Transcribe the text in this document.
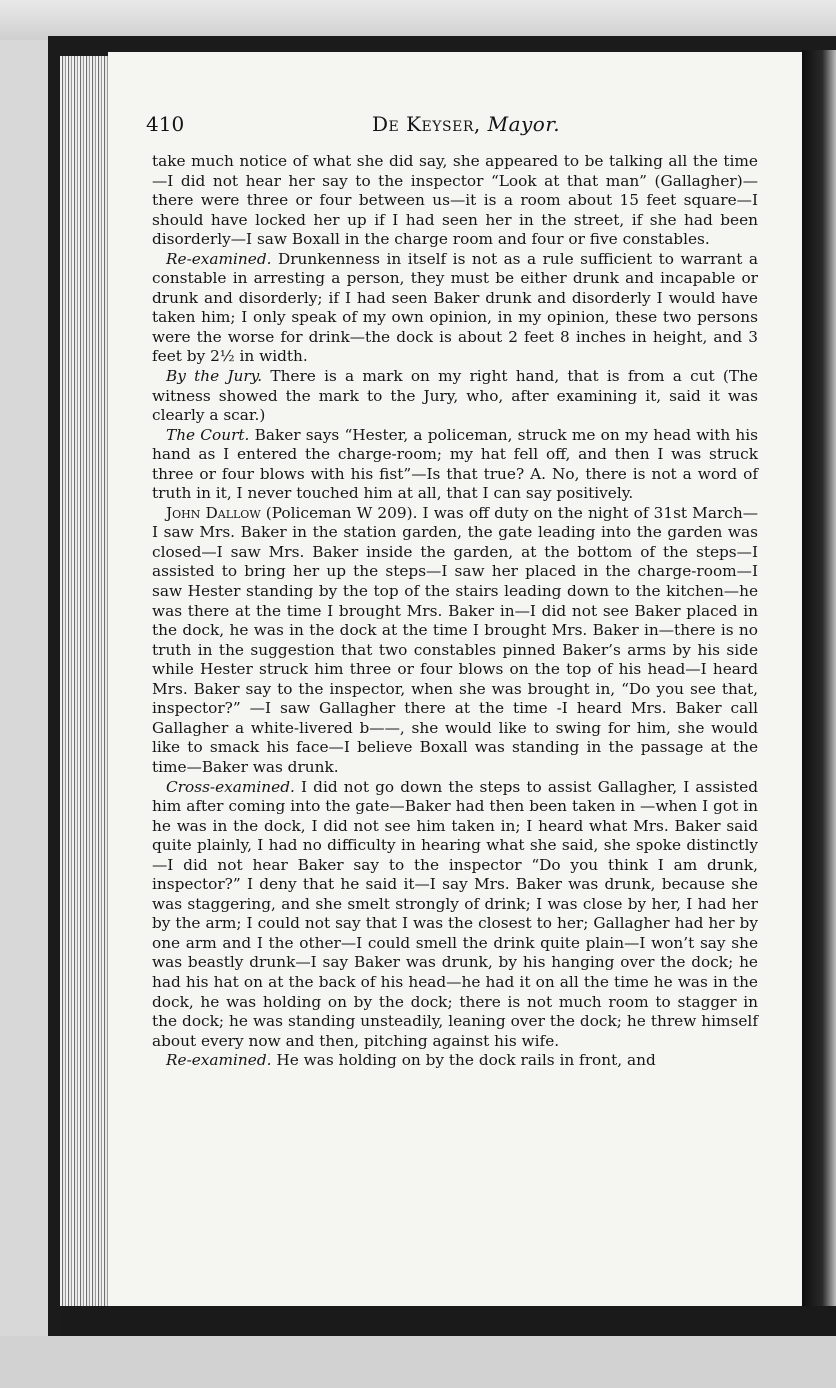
410	De Keyser, Mayor.

take much notice of what she did say, she appeared to be talking all the time—I did not hear her say to the inspector “Look at that man” (Gallagher)—there were three or four between us—it is a room about 15 feet square—I should have locked her up if I had seen her in the street, if she had been disorderly—I saw Boxall in the charge room and four or five constables.

Re-examined. Drunkenness in itself is not as a rule sufficient to warrant a constable in arresting a person, they must be either drunk and incapable or drunk and disorderly; if I had seen Baker drunk and disorderly I would have taken him; I only speak of my own opinion, in my opinion, these two persons were the worse for drink—the dock is about 2 feet 8 inches in height, and 3 feet by 2½ in width.

By the Jury. There is a mark on my right hand, that is from a cut (The witness showed the mark to the Jury, who, after examining it, said it was clearly a scar.)

The Court. Baker says “Hester, a policeman, struck me on my head with his hand as I entered the charge-room; my hat fell off, and then I was struck three or four blows with his fist”—Is that true? A. No, there is not a word of truth in it, I never touched him at all, that I can say positively.

John Dallow (Policeman W 209). I was off duty on the night of 31st March—I saw Mrs. Baker in the station garden, the gate leading into the garden was closed—I saw Mrs. Baker inside the garden, at the bottom of the steps—I assisted to bring her up the steps—I saw her placed in the charge-room—I saw Hester standing by the top of the stairs leading down to the kitchen—he was there at the time I brought Mrs. Baker in—I did not see Baker placed in the dock, he was in the dock at the time I brought Mrs. Baker in—there is no truth in the suggestion that two constables pinned Baker’s arms by his side while Hester struck him three or four blows on the top of his head—I heard Mrs. Baker say to the inspector, when she was brought in, “Do you see that, inspector?” —I saw Gallagher there at the time -I heard Mrs. Baker call Gallagher a white-livered b——, she would like to swing for him, she would like to smack his face—I believe Boxall was standing in the passage at the time—Baker was drunk.

Cross-examined. I did not go down the steps to assist Gallagher, I assisted him after coming into the gate—Baker had then been taken in —when I got in he was in the dock, I did not see him taken in; I heard what Mrs. Baker said quite plainly, I had no difficulty in hearing what she said, she spoke distinctly—I did not hear Baker say to the inspector “Do you think I am drunk, inspector?” I deny that he said it—I say Mrs. Baker was drunk, because she was staggering, and she smelt strongly of drink; I was close by her, I had her by the arm; I could not say that I was the closest to her; Gallagher had her by one arm and I the other—I could smell the drink quite plain—I won’t say she was beastly drunk—I say Baker was drunk, by his hanging over the dock; he had his hat on at the back of his head—he had it on all the time he was in the dock, he was holding on by the dock; there is not much room to stagger in the dock; he was standing unsteadily, leaning over the dock; he threw himself about every now and then, pitching against his wife.

Re-examined. He was holding on by the dock rails in front, and
